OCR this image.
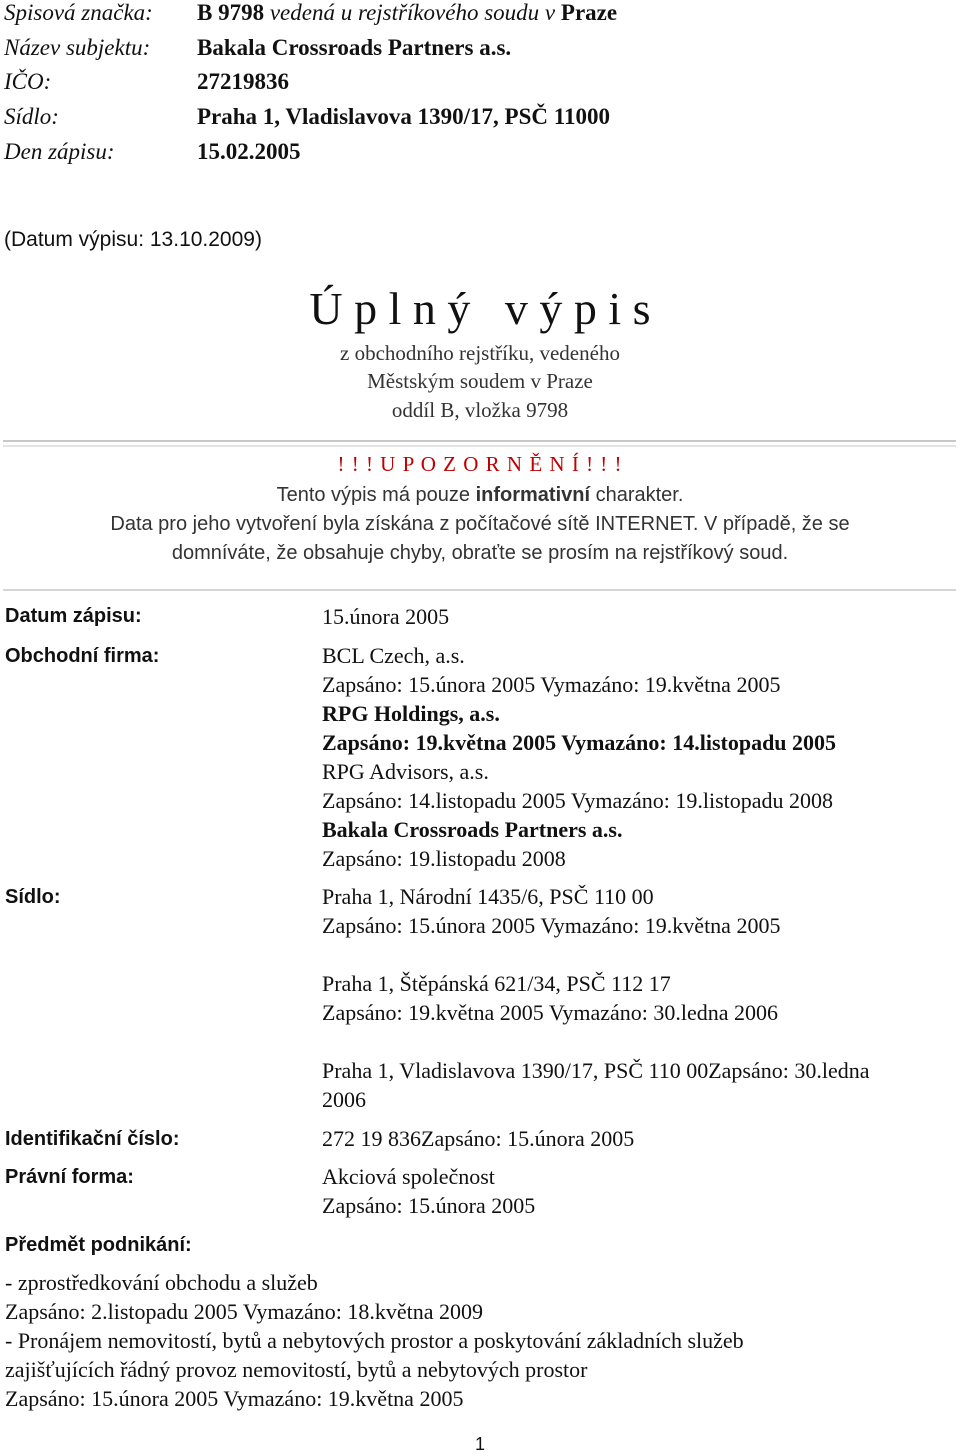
Spisová značka: B 9798 vedená u rejstříkového soudu v Praze
Název subjektu: Bakala Crossroads Partners a.s.
IČO:	27219836
Sídlo:	Praha 1, Vladislavova 1390/17, PSČ 11000
Den zápisu:	15.02.2005
(Datum výpisu: 13.10.2009)
Ú p l n ý   v ý p i s
z obchodního rejstříku, vedeného
Městským soudem v Praze
oddíl B, vložka 9798
! ! ! U P O Z O R N Ě N Í ! ! !
Tento výpis má pouze informativní charakter.
Data pro jeho vytvoření byla získána z počítačové sítě INTERNET. V případě, že se
domníváte, že obsahuje chyby, obraťte se prosím na rejstříkový soud.
Datum zápisu:	15.února 2005
Obchodní firma:	BCL Czech, a.s.
Zapsáno: 15.února 2005 Vymazáno: 19.května 2005
RPG Holdings, a.s.
Zapsáno: 19.května 2005 Vymazáno: 14.listopadu 2005
RPG Advisors, a.s.
Zapsáno: 14.listopadu 2005 Vymazáno: 19.listopadu 2008
Bakala Crossroads Partners a.s.
Zapsáno: 19.listopadu 2008
Sídlo:	Praha 1, Národní 1435/6, PSČ 110 00
Zapsáno: 15.února 2005 Vymazáno: 19.května 2005
Praha 1, Štěpánská 621/34, PSČ 112 17
Zapsáno: 19.května 2005 Vymazáno: 30.ledna 2006
Praha 1, Vladislavova 1390/17, PSČ 110 00Zapsáno: 30.ledna
2006
Identifikační číslo:	272 19 836Zapsáno: 15.února 2005
Právní forma:	Akciová společnost
Zapsáno: 15.února 2005
Předmět podnikání:
- zprostředkování obchodu a služeb
Zapsáno: 2.listopadu 2005 Vymazáno: 18.května 2009
- Pronájem nemovitostí, bytů a nebytových prostor a poskytování základních služeb
zajišťujících řádný provoz nemovitostí, bytů a nebytových prostor
Zapsáno: 15.února 2005 Vymazáno: 19.května 2005
1
